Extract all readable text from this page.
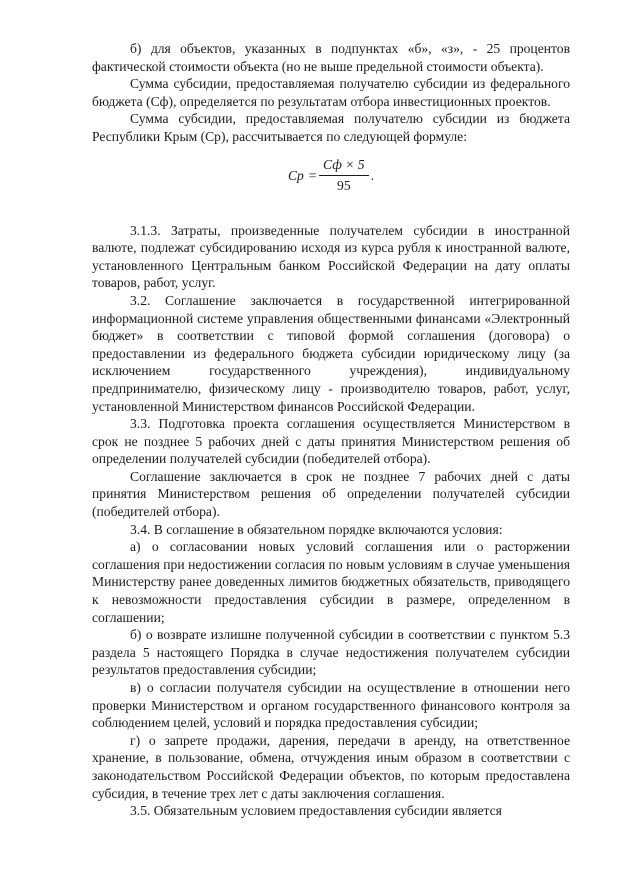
б) для объектов, указанных в подпунктах «б», «з», - 25 процентов фактической стоимости объекта (но не выше предельной стоимости объекта).

Сумма субсидии, предоставляемая получателю субсидии из федерального бюджета (Сф), определяется по результатам отбора инвестиционных проектов.

Сумма субсидии, предоставляемая получателю субсидии из бюджета Республики Крым (Ср), рассчитывается по следующей формуле:

Ср = $\frac{Сф \times 5}{95}$ .

3.1.3. Затраты, произведенные получателем субсидии в иностранной валюте, подлежат субсидированию исходя из курса рубля к иностранной валюте, установленного Центральным банком Российской Федерации на дату оплаты товаров, работ, услуг.

3.2. Соглашение заключается в государственной интегрированной информационной системе управления общественными финансами «Электронный бюджет» в соответствии с типовой формой соглашения (договора) о предоставлении из федерального бюджета субсидии юридическому лицу (за исключением государственного учреждения), индивидуальному предпринимателю, физическому лицу - производителю товаров, работ, услуг, установленной Министерством финансов Российской Федерации.

3.3. Подготовка проекта соглашения осуществляется Министерством в срок не позднее 5 рабочих дней с даты принятия Министерством решения об определении получателей субсидии (победителей отбора).

Соглашение заключается в срок не позднее 7 рабочих дней с даты принятия Министерством решения об определении получателей субсидии (победителей отбора).

3.4. В соглашение в обязательном порядке включаются условия:

а) о согласовании новых условий соглашения или о расторжении соглашения при недостижении согласия по новым условиям в случае уменьшения Министерству ранее доведенных лимитов бюджетных обязательств, приводящего к невозможности предоставления субсидии в размере, определенном в соглашении;

б) о возврате излишне полученной субсидии в соответствии с пунктом 5.3 раздела 5 настоящего Порядка в случае недостижения получателем субсидии результатов предоставления субсидии;

в) о согласии получателя субсидии на осуществление в отношении него проверки Министерством и органом государственного финансового контроля за соблюдением целей, условий и порядка предоставления субсидии;

г) о запрете продажи, дарения, передачи в аренду, на ответственное хранение, в пользование, обмена, отчуждения иным образом в соответствии с законодательством Российской Федерации объектов, по которым предоставлена субсидия, в течение трех лет с даты заключения соглашения.

3.5. Обязательным условием предоставления субсидии является
